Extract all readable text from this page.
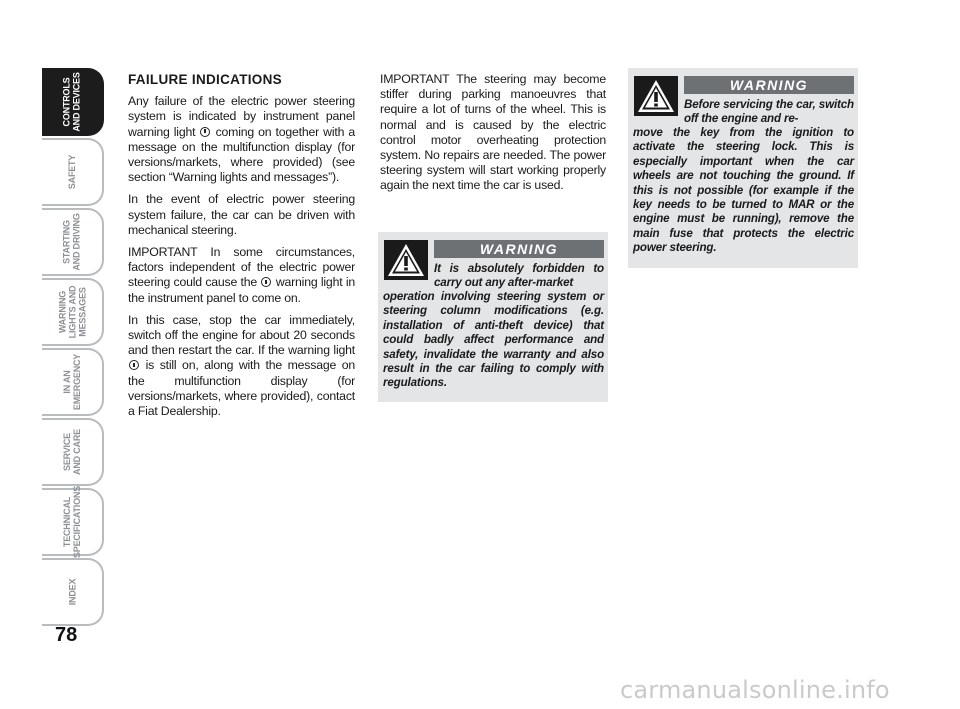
CONTROLS
AND DEVICES
SAFETY
STARTING
AND DRIVING
WARNING
LIGHTS AND
MESSAGES
IN AN
EMERGENCY
SERVICE
AND CARE
TECHNICAL
SPECIFICATIONS
INDEX
78

FAILURE INDICATIONS

Any failure of the electric power steering system is indicated by instrument panel warning light coming on together with a message on the multifunction display (for versions/markets, where provided) (see section “Warning lights and messages”).

In the event of electric power steering system failure, the car can be driven with mechanical steering.

IMPORTANT In some circumstances, factors independent of the electric power steering could cause the warning light in the instrument panel to come on.

In this case, stop the car immediately, switch off the engine for about 20 seconds and then restart the car. If the warning light  is still on, along with the message on the multifunction display (for versions/markets, where provided), contact a Fiat Dealership.

IMPORTANT The steering may become stiffer during parking manoeuvres that require a lot of turns of the wheel. This is normal and is caused by the electric control motor overheating protection system. No repairs are needed. The power steering system will start working properly again the next time the car is used.

WARNING
It is absolutely forbidden to carry out any after-market
operation involving steering system or steering column modifications (e.g. installation of anti-theft device) that could badly affect performance and safety, invalidate the warranty and also result in the car failing to comply with regulations.
WARNING
Before servicing the car, switch off the engine and re-
move the key from the ignition to activate the steering lock. This is especially important when the car wheels are not touching the ground. If this is not possible (for example if the key needs to be turned to MAR or the engine must be running), remove the main fuse that protects the electric power steering.
carmanualsonline.info
